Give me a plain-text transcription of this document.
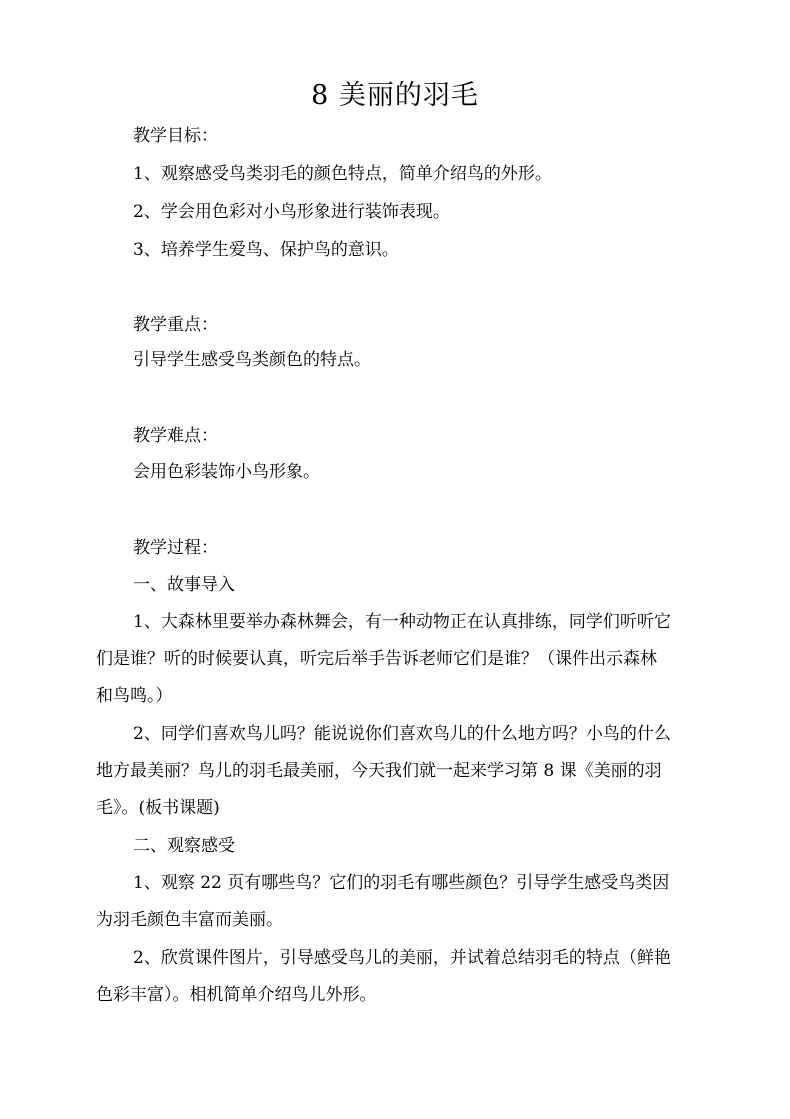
8 美丽的羽毛
教学目标：
1、观察感受鸟类羽毛的颜色特点，简单介绍鸟的外形。
2、学会用色彩对小鸟形象进行装饰表现。
3、培养学生爱鸟、保护鸟的意识。
教学重点：
引导学生感受鸟类颜色的特点。
教学难点：
会用色彩装饰小鸟形象。
教学过程：
一、故事导入
1、大森林里要举办森林舞会，有一种动物正在认真排练，同学们听听它
们是谁？听的时候要认真，听完后举手告诉老师它们是谁？（课件出示森林
和鸟鸣。）
2、同学们喜欢鸟儿吗？能说说你们喜欢鸟儿的什么地方吗？小鸟的什么
地方最美丽？鸟儿的羽毛最美丽，今天我们就一起来学习第 8 课《美丽的羽
毛》。(板书课题)
二、观察感受
1、观察 22 页有哪些鸟？它们的羽毛有哪些颜色？引导学生感受鸟类因
为羽毛颜色丰富而美丽。
2、欣赏课件图片，引导感受鸟儿的美丽，并试着总结羽毛的特点（鲜艳
色彩丰富）。相机简单介绍鸟儿外形。
